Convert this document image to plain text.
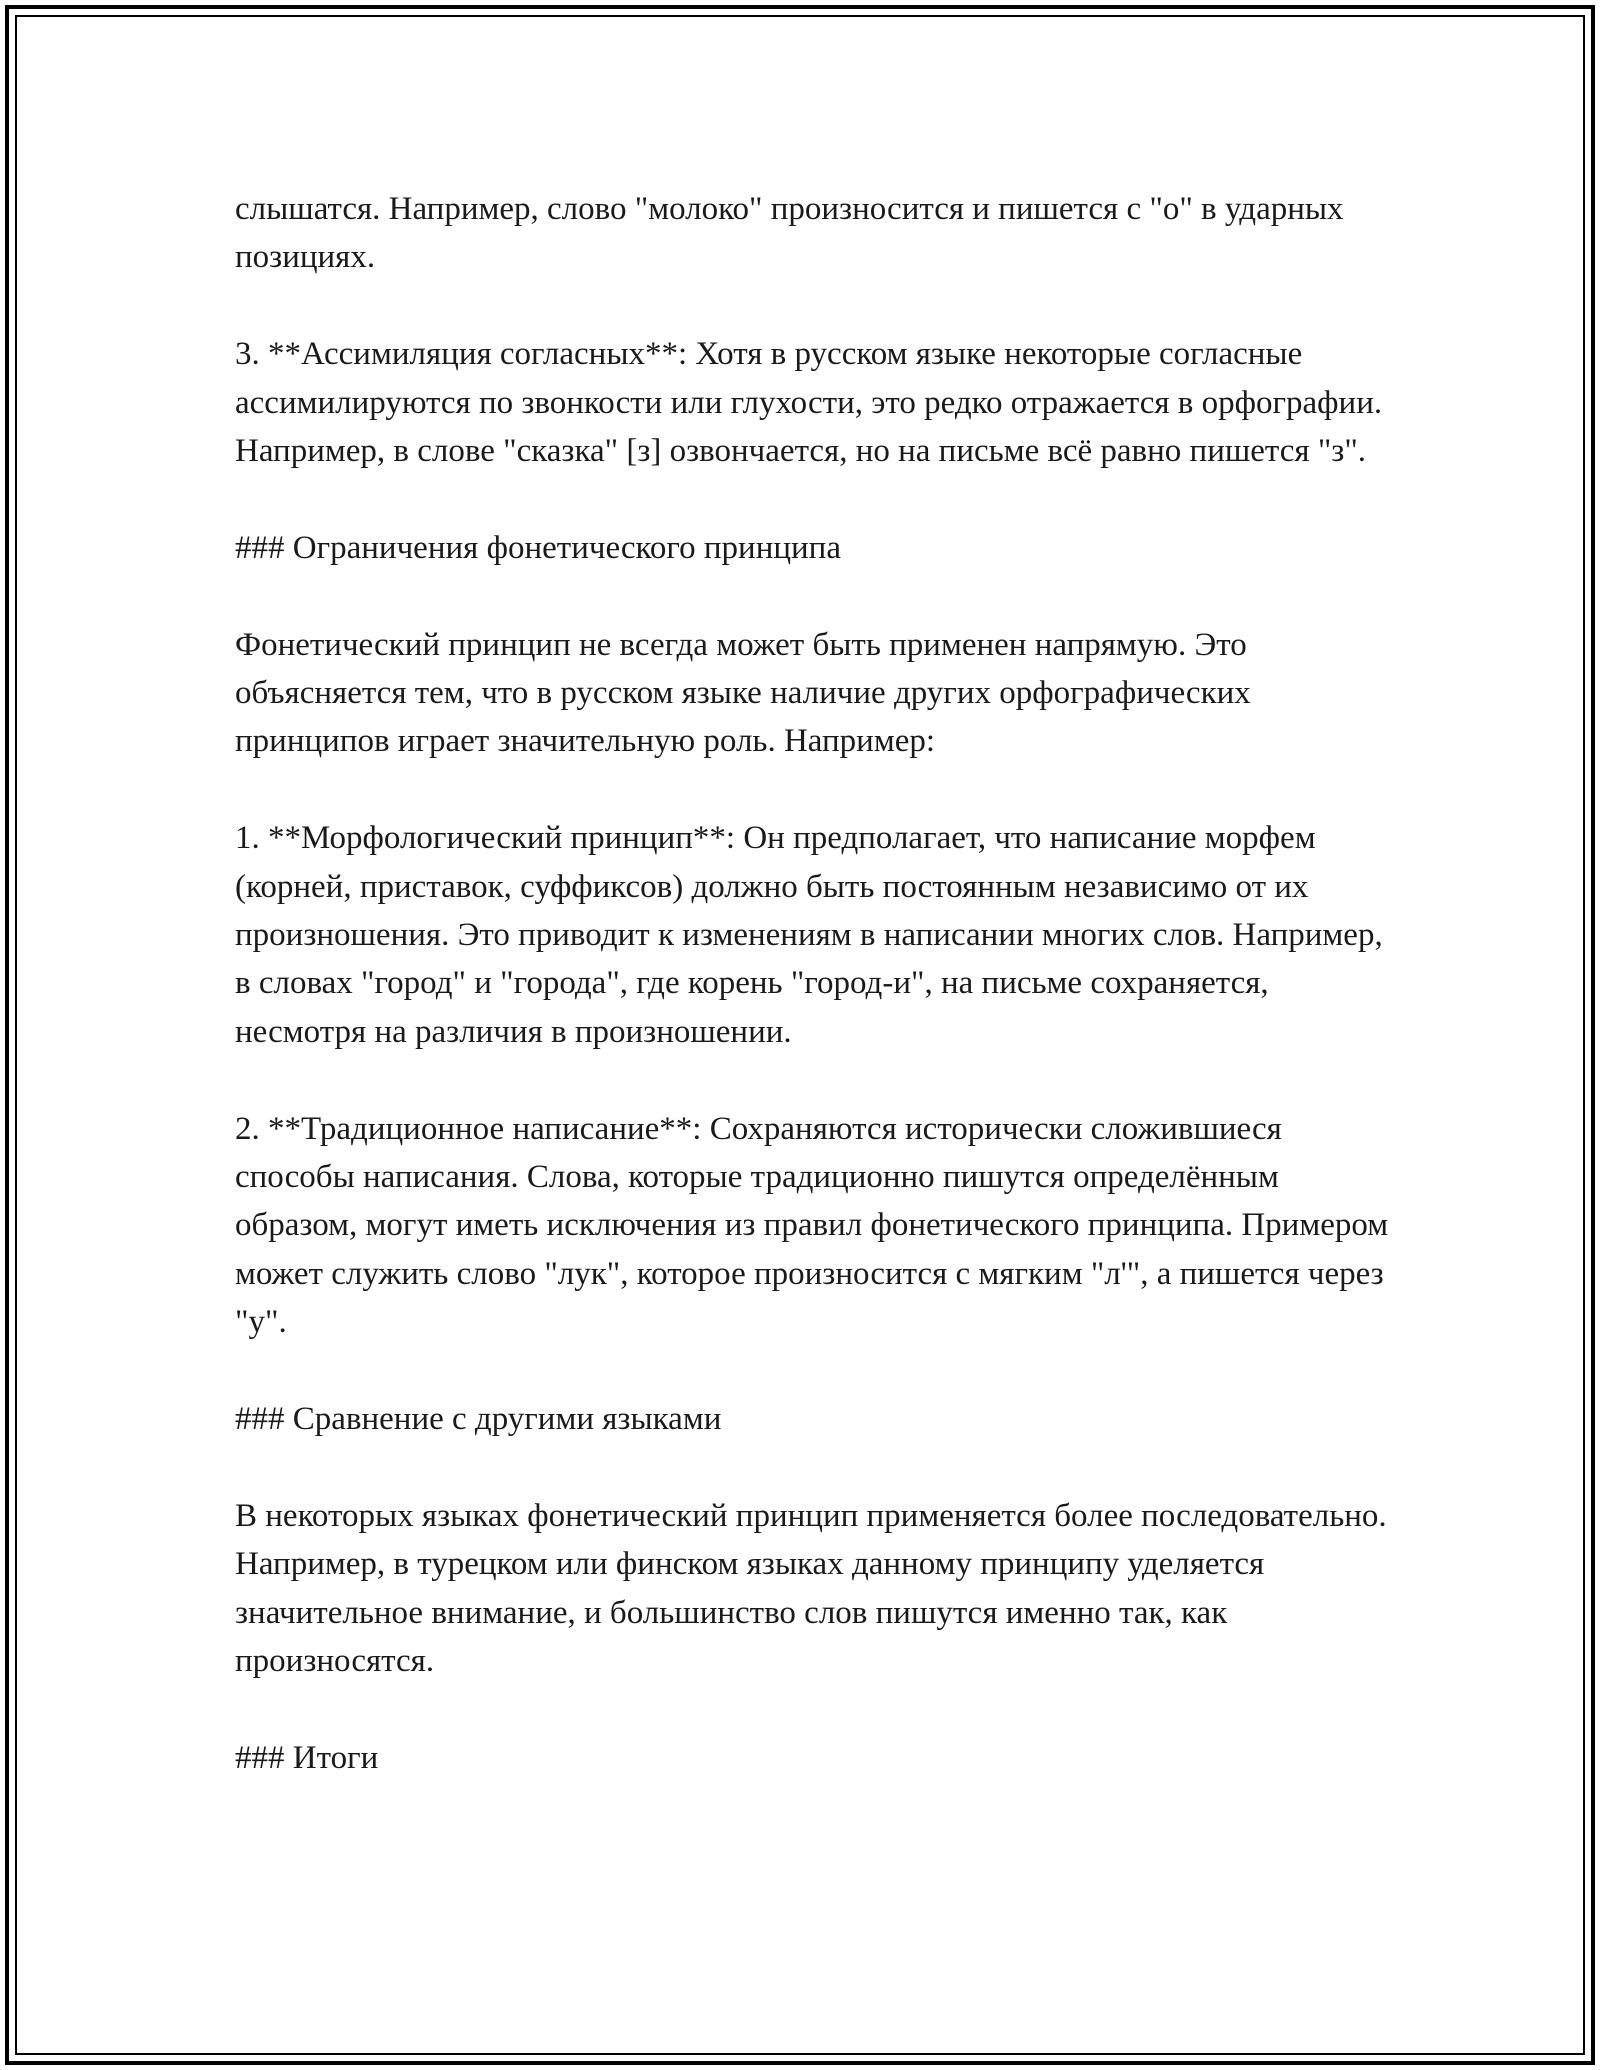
слышатся. Например, слово "молоко" произносится и пишется с "о" в ударных позициях.

3. **Ассимиляция согласных**: Хотя в русском языке некоторые согласные ассимилируются по звонкости или глухости, это редко отражается в орфографии. Например, в слове "сказка" [з] озвончается, но на письме всё равно пишется "з".

### Ограничения фонетического принципа

Фонетический принцип не всегда может быть применен напрямую. Это объясняется тем, что в русском языке наличие других орфографических принципов играет значительную роль. Например:

1. **Морфологический принцип**: Он предполагает, что написание морфем (корней, приставок, суффиксов) должно быть постоянным независимо от их произношения. Это приводит к изменениям в написании многих слов. Например, в словах "город" и "города", где корень "город-и", на письме сохраняется, несмотря на различия в произношении.

2. **Традиционное написание**: Сохраняются исторически сложившиеся способы написания. Слова, которые традиционно пишутся определённым образом, могут иметь исключения из правил фонетического принципа. Примером может служить слово "лук", которое произносится с мягким "л'", а пишется через "у".

### Сравнение с другими языками

В некоторых языках фонетический принцип применяется более последовательно. Например, в турецком или финском языках данному принципу уделяется значительное внимание, и большинство слов пишутся именно так, как произносятся.

### Итоги
